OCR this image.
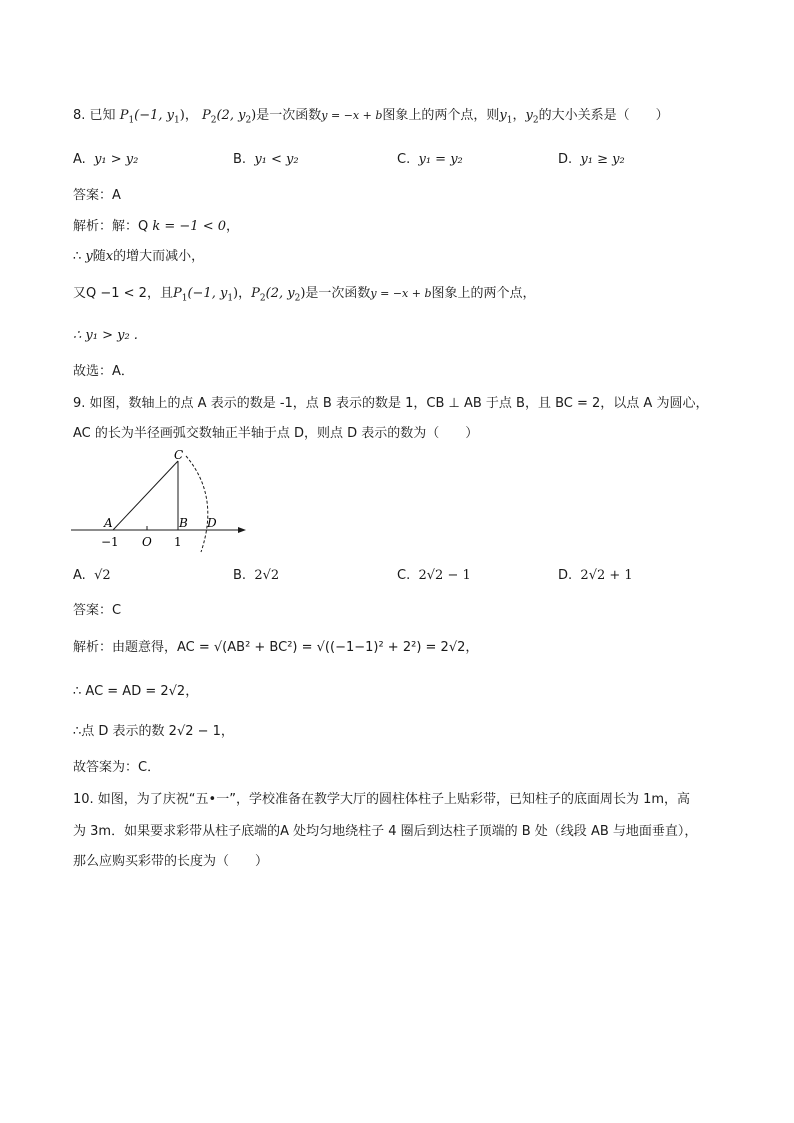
8. 已知 $P_1(-1$, $y_1$)， $P_2(2$, $y_2$)是一次函数y = −x + b图象上的两个点，则$y_1$，$y_2$的大小关系是（　　）
A. y₁ > y₂	B. y₁ < y₂	C. y₁ = y₂	D. y₁ ≥ y₂
答案：A
解析：解：Q k = −1 < 0，
∴ y随x的增大而减小，
又Q −1 < 2，且$P_1(-1$, $y_1$)，$P_2(2$, $y_2$)是一次函数y = −x + b图象上的两个点，
∴ y₁ > y₂ .
故选：A．
9. 如图，数轴上的点 A 表示的数是 -1，点 B 表示的数是 1，CB ⊥ AB 于点 B，且 BC = 2，以点 A 为圆心，
AC 的长为半径画弧交数轴正半轴于点 D，则点 D 表示的数为（　　）
C
A	B D
−1 O 1
A. √2	B. 2√2	C. 2√2 − 1	D. 2√2 + 1
答案：C
解析：由题意得，AC = √(AB² + BC²) = √((−1−1)² + 2²) = 2√2，
∴ AC = AD = 2√2，
∴点 D 表示的数 2√2 − 1，
故答案为：C．
10. 如图，为了庆祝“五•一”，学校准备在教学大厅的圆柱体柱子上贴彩带，已知柱子的底面周长为 1m，高
为 3m．如果要求彩带从柱子底端的A 处均匀地绕柱子 4 圈后到达柱子顶端的 B 处（线段 AB 与地面垂直），
那么应购买彩带的长度为（　　）
